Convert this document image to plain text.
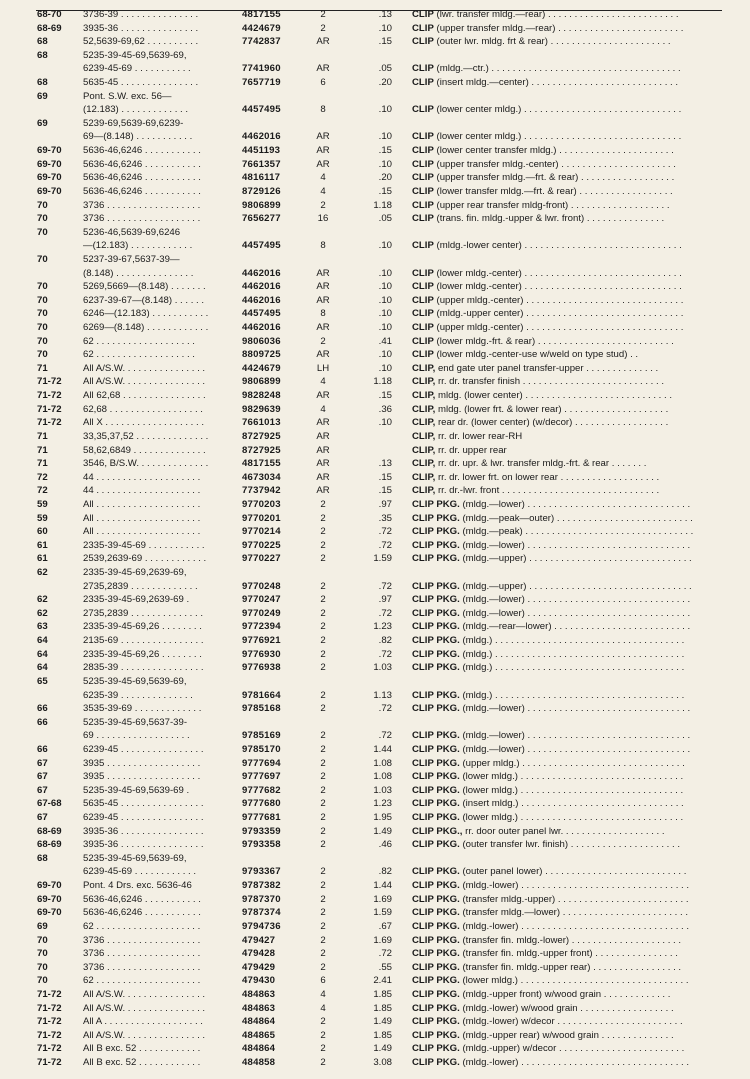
68-70 3736-39 . . . . . . . . . . . . . . .	4817155	2	.13 CLIP (lwr. transfer mldg.—rear) . . . . . . . . . . . . . . . . . . . . . . . . .
68-69 3935-36 . . . . . . . . . . . . . . .	4424679	2	.10 CLIP (upper transfer mldg.—rear) . . . . . . . . . . . . . . . . . . . . . . . .
68	52,5639-69,62 . . . . . . . . . .	7742837	AR	.15 CLIP (outer lwr. mldg. frt & rear) . . . . . . . . . . . . . . . . . . . . . . .
68	5235-39-45-69,5639-69,
6239-45-69 . . . . . . . . . . .	7741960	AR	.05 CLIP (mldg.—ctr.) . . . . . . . . . . . . . . . . . . . . . . . . . . . . . . . . . . . .
68	5635-45 . . . . . . . . . . . . . . .	7657719	6	.20 CLIP (insert mldg.—center) . . . . . . . . . . . . . . . . . . . . . . . . . . . .
69	Pont. S.W. exc. 56—
(12.183) . . . . . . . . . . . . .	4457495	8	.10 CLIP (lower center mldg.) . . . . . . . . . . . . . . . . . . . . . . . . . . . . . .
69	5239-69,5639-69,6239-
69—(8.148) . . . . . . . . . . .	4462016	AR	.10 CLIP (lower center mldg.) . . . . . . . . . . . . . . . . . . . . . . . . . . . . . .
69-70 5636-46,6246 . . . . . . . . . . .	4451193	AR	.15 CLIP (lower center transfer mldg.) . . . . . . . . . . . . . . . . . . . . . .
69-70 5636-46,6246 . . . . . . . . . . .	7661357	AR	.10 CLIP (upper transfer mldg.-center) . . . . . . . . . . . . . . . . . . . . . .
69-70 5636-46,6246 . . . . . . . . . . .	4816117	4	.20 CLIP (upper transfer mldg.—frt. & rear) . . . . . . . . . . . . . . . . . .
69-70 5636-46,6246 . . . . . . . . . . .	8729126	4	.15 CLIP (lower transfer mldg.—frt. & rear) . . . . . . . . . . . . . . . . . .
70	3736 . . . . . . . . . . . . . . . . . .	9806899	2	1.18 CLIP (upper rear transfer mldg-front) . . . . . . . . . . . . . . . . . . .
70	3736 . . . . . . . . . . . . . . . . . .	7656277	16	.05 CLIP (trans. fin. mldg.-upper & lwr. front) . . . . . . . . . . . . . . .
70	5236-46,5639-69,6246
—(12.183) . . . . . . . . . . . .	4457495	8	.10 CLIP (mldg.-lower center) . . . . . . . . . . . . . . . . . . . . . . . . . . . . . .
70	5237-39-67,5637-39—
(8.148) . . . . . . . . . . . . . . .	4462016	AR	.10 CLIP (lower mldg.-center) . . . . . . . . . . . . . . . . . . . . . . . . . . . . . .
70	5269,5669—(8.148) . . . . . . .	4462016	AR	.10 CLIP (lower mldg.-center) . . . . . . . . . . . . . . . . . . . . . . . . . . . . . .
70	6237-39-67—(8.148) . . . . . .	4462016	AR	.10 CLIP (upper mldg.-center) . . . . . . . . . . . . . . . . . . . . . . . . . . . . . .
70	6246—(12.183) . . . . . . . . . . .	4457495	8	.10 CLIP (mldg.-upper center) . . . . . . . . . . . . . . . . . . . . . . . . . . . . . .
70	6269—(8.148) . . . . . . . . . . . .	4462016	AR	.10 CLIP (upper mldg.-center) . . . . . . . . . . . . . . . . . . . . . . . . . . . . . .
70	62 . . . . . . . . . . . . . . . . . . .	9806036	2	.41 CLIP (lower mldg.-frt. & rear) . . . . . . . . . . . . . . . . . . . . . . . . . .
70	62 . . . . . . . . . . . . . . . . . . .	8809725	AR	.10 CLIP (lower mldg.-center-use w/weld on type stud) . .
71	All A/S.W. . . . . . . . . . . . . . . .	4424679	LH	.10 CLIP, end gate uter panel transfer-upper . . . . . . . . . . . . . .
71-72 All A/S.W. . . . . . . . . . . . . . . .	9806899	4	1.18 CLIP, rr. dr. transfer finish . . . . . . . . . . . . . . . . . . . . . . . . . . .
71-72 All 62,68 . . . . . . . . . . . . . . . .	9828248	AR	.15 CLIP, mldg. (lower center) . . . . . . . . . . . . . . . . . . . . . . . . . . . .
71-72 62,68 . . . . . . . . . . . . . . . . . .	9829639	4	.36 CLIP, mldg. (lower frt. & lower rear) . . . . . . . . . . . . . . . . . . . .
71-72 All X . . . . . . . . . . . . . . . . . . .	7661013	AR	.10 CLIP, rear dr. (lower center) (w/decor) . . . . . . . . . . . . . . . . . .
71	33,35,37,52 . . . . . . . . . . . . . .	8727925	AR	CLIP, rr. dr. lower rear-RH
71	58,62,6849 . . . . . . . . . . . . . .	8727925	AR	CLIP, rr. dr. upper rear
71	3546, B/S.W. . . . . . . . . . . . . .	4817155	AR	.13 CLIP, rr. dr. upr. & lwr. transfer mldg.-frt. & rear . . . . . . .
72	44 . . . . . . . . . . . . . . . . . . . .	4673034	AR	.15 CLIP, rr. dr. lower frt. on lower rear . . . . . . . . . . . . . . . . . . .
72	44 . . . . . . . . . . . . . . . . . . . .	7737942	AR	.15 CLIP, rr. dr.-lwr. front . . . . . . . . . . . . . . . . . . . . . . . . . . . . . .
59	All . . . . . . . . . . . . . . . . . . . .	9770203	2	.97 CLIP PKG. (mldg.—lower) . . . . . . . . . . . . . . . . . . . . . . . . . . . . . . .
59	All . . . . . . . . . . . . . . . . . . . .	9770201	2	.35 CLIP PKG. (mldg.—peak—outer) . . . . . . . . . . . . . . . . . . . . . . . . . .
60	All . . . . . . . . . . . . . . . . . . . .	9770214	2	.72 CLIP PKG. (mldg.—peak) . . . . . . . . . . . . . . . . . . . . . . . . . . . . . . . .
61	2335-39-45-69 . . . . . . . . . . .	9770225	2	.72 CLIP PKG. (mldg.—lower) . . . . . . . . . . . . . . . . . . . . . . . . . . . . . . .
61	2539,2639-69 . . . . . . . . . . . .	9770227	2	1.59 CLIP PKG. (mldg.—upper) . . . . . . . . . . . . . . . . . . . . . . . . . . . . . . .
62	2335-39-45-69,2639-69,
2735,2839 . . . . . . . . . . . . .	9770248	2	.72 CLIP PKG. (mldg.—upper) . . . . . . . . . . . . . . . . . . . . . . . . . . . . . . .
62	2335-39-45-69,2639-69 .	9770247	2	.97 CLIP PKG. (mldg.—lower) . . . . . . . . . . . . . . . . . . . . . . . . . . . . . . .
62	2735,2839 . . . . . . . . . . . . . .	9770249	2	.72 CLIP PKG. (mldg.—lower) . . . . . . . . . . . . . . . . . . . . . . . . . . . . . . .
63	2335-39-45-69,26 . . . . . . . .	9772394	2	1.23 CLIP PKG. (mldg.—rear—lower) . . . . . . . . . . . . . . . . . . . . . . . . . .
64	2135-69 . . . . . . . . . . . . . . . .	9776921	2	.82 CLIP PKG. (mldg.) . . . . . . . . . . . . . . . . . . . . . . . . . . . . . . . . . . . .
64	2335-39-45-69,26 . . . . . . . .	9776930	2	.72 CLIP PKG. (mldg.) . . . . . . . . . . . . . . . . . . . . . . . . . . . . . . . . . . . .
64	2835-39 . . . . . . . . . . . . . . . .	9776938	2	1.03 CLIP PKG. (mldg.) . . . . . . . . . . . . . . . . . . . . . . . . . . . . . . . . . . . .
65	5235-39-45-69,5639-69,
6235-39 . . . . . . . . . . . . . .	9781664	2	1.13 CLIP PKG. (mldg.) . . . . . . . . . . . . . . . . . . . . . . . . . . . . . . . . . . . .
66	3535-39-69 . . . . . . . . . . . . .	9785168	2	.72 CLIP PKG. (mldg.—lower) . . . . . . . . . . . . . . . . . . . . . . . . . . . . . . .
66	5235-39-45-69,5637-39-
69 . . . . . . . . . . . . . . . . . .	9785169	2	.72 CLIP PKG. (mldg.—lower) . . . . . . . . . . . . . . . . . . . . . . . . . . . . . . .
66	6239-45 . . . . . . . . . . . . . . . .	9785170	2	1.44 CLIP PKG. (mldg.—lower) . . . . . . . . . . . . . . . . . . . . . . . . . . . . . . .
67	3935 . . . . . . . . . . . . . . . . . .	9777694	2	1.08 CLIP PKG. (upper mldg.) . . . . . . . . . . . . . . . . . . . . . . . . . . . . . . .
67	3935 . . . . . . . . . . . . . . . . . .	9777697	2	1.08 CLIP PKG. (lower mldg.) . . . . . . . . . . . . . . . . . . . . . . . . . . . . . . .
67	5235-39-45-69,5639-69 .	9777682	2	1.03 CLIP PKG. (lower mldg.) . . . . . . . . . . . . . . . . . . . . . . . . . . . . . . .
67-68 5635-45 . . . . . . . . . . . . . . . .	9777680	2	1.23 CLIP PKG. (insert mldg.) . . . . . . . . . . . . . . . . . . . . . . . . . . . . . . .
67	6239-45 . . . . . . . . . . . . . . . .	9777681	2	1.95 CLIP PKG. (lower mldg.) . . . . . . . . . . . . . . . . . . . . . . . . . . . . . . .
68-69 3935-36 . . . . . . . . . . . . . . . .	9793359	2	1.49 CLIP PKG., rr. door outer panel lwr. . . . . . . . . . . . . . . . . . . .
68-69 3935-36 . . . . . . . . . . . . . . . .	9793358	2	.46 CLIP PKG. (outer transfer lwr. finish) . . . . . . . . . . . . . . . . . . . . .
68	5235-39-45-69,5639-69,
6239-45-69 . . . . . . . . . . . .	9793367	2	.82 CLIP PKG. (outer panel lower) . . . . . . . . . . . . . . . . . . . . . . . . . . .
69-70 Pont. 4 Drs. exc. 5636-46	9787382	2	1.44 CLIP PKG. (mldg.-lower) . . . . . . . . . . . . . . . . . . . . . . . . . . . . . . . .
69-70 5636-46,6246 . . . . . . . . . . .	9787370	2	1.69 CLIP PKG. (transfer mldg.-upper) . . . . . . . . . . . . . . . . . . . . . . . . .
69-70 5636-46,6246 . . . . . . . . . . .	9787374	2	1.59 CLIP PKG. (transfer mldg.—lower) . . . . . . . . . . . . . . . . . . . . . . . .
69	62 . . . . . . . . . . . . . . . . . . . .	9794736	2	.67 CLIP PKG. (mldg.-lower) . . . . . . . . . . . . . . . . . . . . . . . . . . . . . . . .
70	3736 . . . . . . . . . . . . . . . . . .	479427	2	1.69 CLIP PKG. (transfer fin. mldg.-lower) . . . . . . . . . . . . . . . . . . . . .
70	3736 . . . . . . . . . . . . . . . . . .	479428	2	.72 CLIP PKG. (transfer fin. mldg.-upper front) . . . . . . . . . . . . . . . .
70	3736 . . . . . . . . . . . . . . . . . .	479429	2	.55 CLIP PKG. (transfer fin. mldg.-upper rear) . . . . . . . . . . . . . . . . .
70	62 . . . . . . . . . . . . . . . . . . . .	479430	6	2.41 CLIP PKG. (lower mldg.) . . . . . . . . . . . . . . . . . . . . . . . . . . . . . . . .
71-72 All A/S.W. . . . . . . . . . . . . . . .	484863	4	1.85 CLIP PKG. (mldg.-upper front) w/wood grain . . . . . . . . . . . . .
71-72 All A/S.W. . . . . . . . . . . . . . . .	484863	4	1.85 CLIP PKG. (mldg.-lower) w/wood grain . . . . . . . . . . . . . . . . . .
71-72 All A . . . . . . . . . . . . . . . . . . .	484864	2	1.49 CLIP PKG. (mldg.-lower) w/decor . . . . . . . . . . . . . . . . . . . . . . . .
71-72 All A/S.W. . . . . . . . . . . . . . . .	484865	2	1.85 CLIP PKG. (mldg.-upper rear) w/wood grain . . . . . . . . . . . . . .
71-72 All B exc. 52 . . . . . . . . . . . .	484864	2	1.49 CLIP PKG. (mldg.-upper) w/decor . . . . . . . . . . . . . . . . . . . . . . . .
71-72 All B exc. 52 . . . . . . . . . . . .	484858	2	3.08 CLIP PKG. (mldg.-lower) . . . . . . . . . . . . . . . . . . . . . . . . . . . . . . . .
